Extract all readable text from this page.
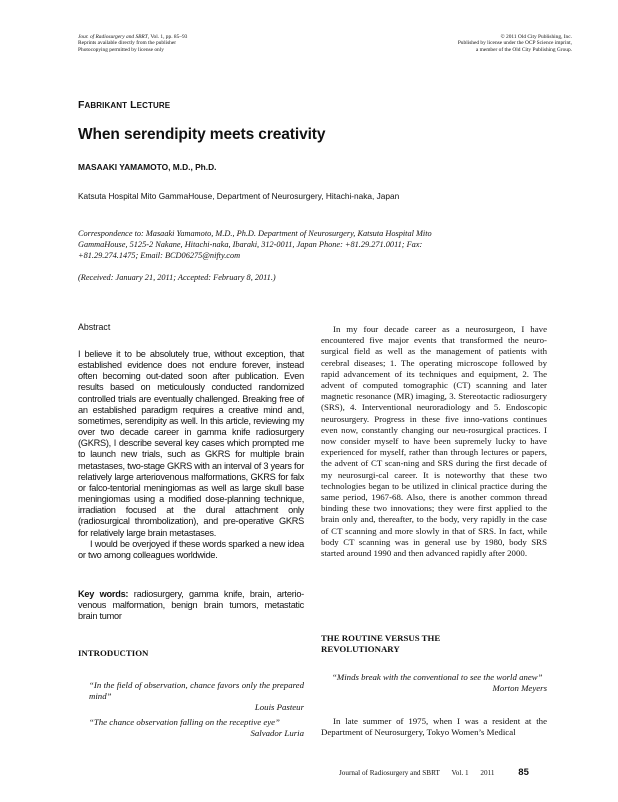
Jour. of Radiosurgery and SBRT, Vol. 1, pp. 85–93
Reprints available directly from the publisher
Photocopying permitted by license only
© 2011 Old City Publishing, Inc.
Published by license under the OCP Science imprint,
a member of the Old City Publishing Group.
FABRIKANT LECTURE
When serendipity meets creativity
MASAAKI YAMAMOTO, M.D., Ph.D.
Katsuta Hospital Mito GammaHouse, Department of Neurosurgery, Hitachi-naka, Japan
Correspondence to: Masaaki Yamamoto, M.D., Ph.D. Department of Neurosurgery, Katsuta Hospital Mito GammaHouse, 5125-2 Nakane, Hitachi-naka, Ibaraki, 312-0011, Japan Phone: +81.29.271.0011; Fax: +81.29.274.1475; Email: BCD06275@nifty.com
(Received: January 21, 2011; Accepted: February 8, 2011.)
Abstract

I believe it to be absolutely true, without exception, that established evidence does not endure forever, instead often becoming out-dated soon after publication. Even results based on meticulously conducted randomized controlled trials are eventually challenged. Breaking free of an established paradigm requires a creative mind and, sometimes, serendipity as well. In this article, reviewing my over two decade career in gamma knife radiosurgery (GKRS), I describe several key cases which prompted me to launch new trials, such as GKRS for multiple brain metastases, two-stage GKRS with an interval of 3 years for relatively large arteriovenous malformations, GKRS for falx or falco-tentorial meningiomas as well as large skull base meningiomas using a modified dose-planning technique, irradiation focused at the dural attachment only (radiosurgical thrombolization), and pre-operative GKRS for relatively large brain metastases.

I would be overjoyed if these words sparked a new idea or two among colleagues worldwide.

Key words: radiosurgery, gamma knife, brain, arterio-venous malformation, benign brain tumors, metastatic brain tumor
INTRODUCTION
“In the field of observation, chance favors only the prepared mind”
Louis Pasteur
“The chance observation falling on the receptive eye”
Salvador Luria

In my four decade career as a neurosurgeon, I have encountered five major events that transformed the neuro-surgical field as well as the management of patients with cerebral diseases; 1. The operating microscope followed by rapid advancement of its techniques and equipment, 2. The advent of computed tomographic (CT) scanning and later magnetic resonance (MR) imaging, 3. Stereotactic radiosurgery (SRS), 4. Interventional neuroradiology and 5. Endoscopic neurosurgery. Progress in these five inno-vations continues even now, constantly changing our neu-rosurgical practices. I now consider myself to have been supremely lucky to have experienced for myself, rather than through lectures or papers, the advent of CT scan-ning and SRS during the first decade of my neurosurgi-cal career. It is noteworthy that these two technologies began to be utilized in clinical practice during the same period, 1967-68. Also, there is another common thread binding these two innovations; they were first applied to the brain only and, thereafter, to the body, very rapidly in the case of CT scanning and more slowly in that of SRS. In fact, while body CT scanning was in general use by 1980, body SRS started around 1990 and then advanced rapidly after 2000.

THE ROUTINE VERSUS THE
REVOLUTIONARY
“Minds break with the conventional to see the world anew”
Morton Meyers

In late summer of 1975, when I was a resident at the Department of Neurosurgery, Tokyo Women’s Medical

Journal of Radiosurgery and SBRT Vol. 1 2011	85
